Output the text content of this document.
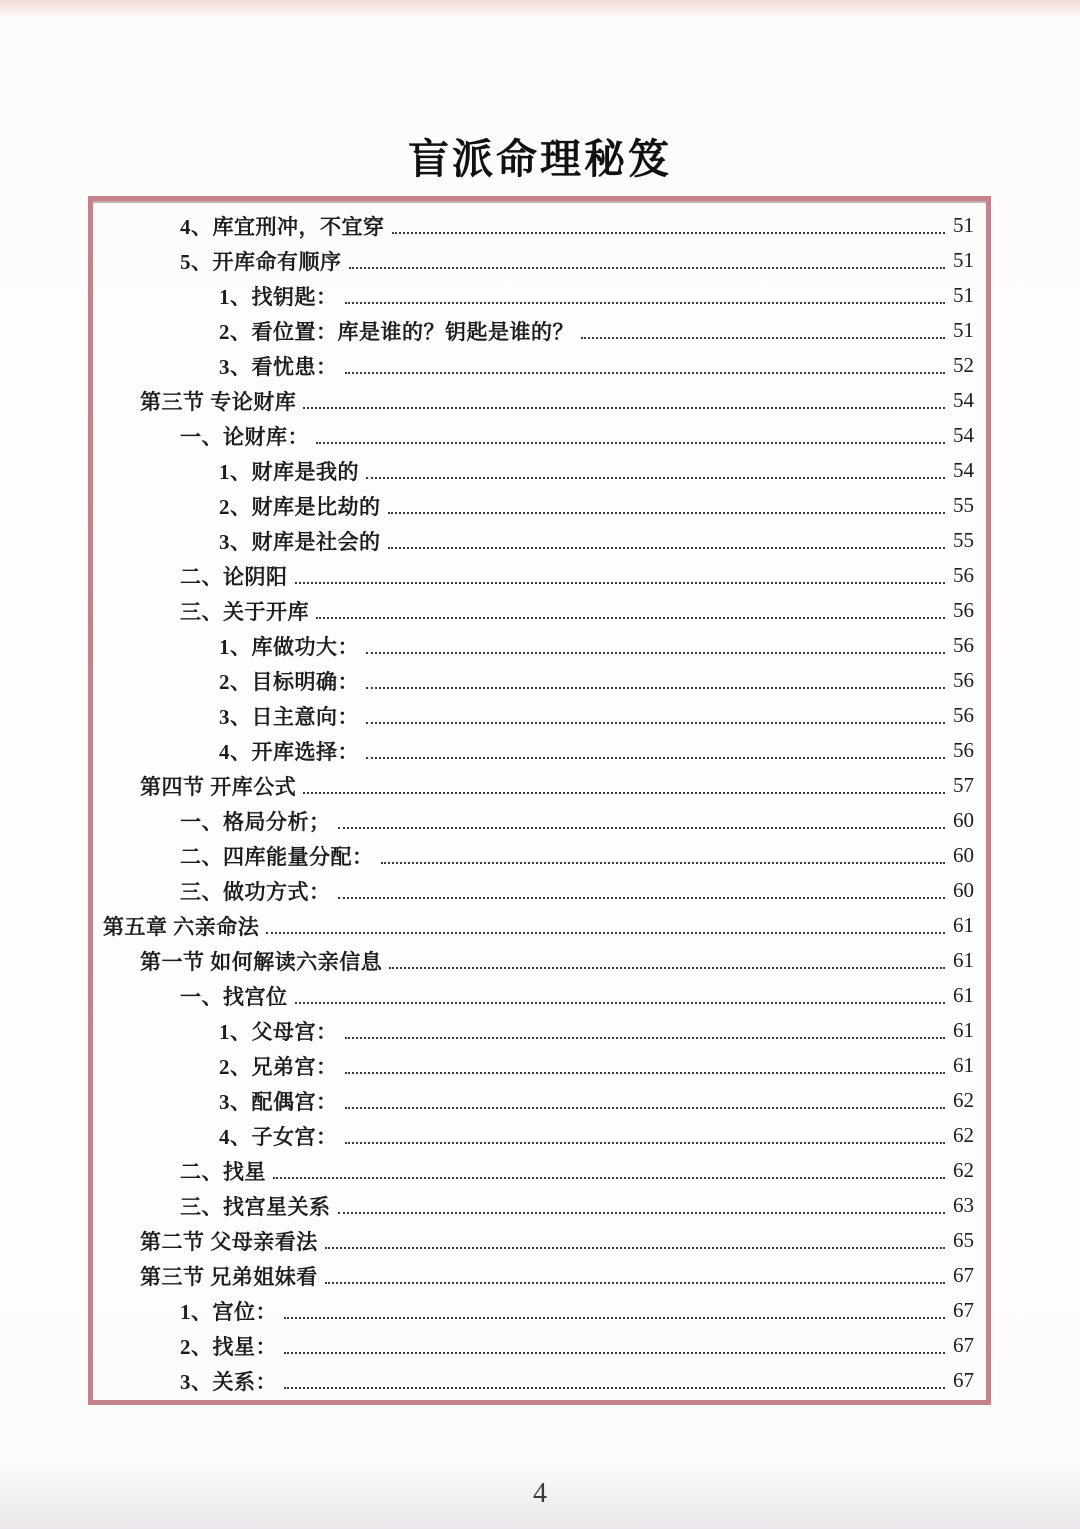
盲派命理秘笈
4、库宜刑冲，不宜穿	51
5、开库命有顺序	51
1、找钥匙：	51
2、看位置：库是谁的？钥匙是谁的？	51
3、看忧患：	52
第三节 专论财库	54
一、论财库：	54
1、财库是我的	54
2、财库是比劫的	55
3、财库是社会的	55
二、论阴阳	56
三、关于开库	56
1、库做功大：	56
2、目标明确：	56
3、日主意向：	56
4、开库选择：	56
第四节 开库公式	57
一、格局分析；	60
二、四库能量分配：	60
三、做功方式：	60
第五章 六亲命法	61
第一节 如何解读六亲信息	61
一、找宫位	61
1、父母宫：	61
2、兄弟宫：	61
3、配偶宫：	62
4、子女宫：	62
二、找星	62
三、找宫星关系	63
第二节 父母亲看法	65
第三节 兄弟姐妹看	67
1、宫位：	67
2、找星：	67
3、关系：	67
4
